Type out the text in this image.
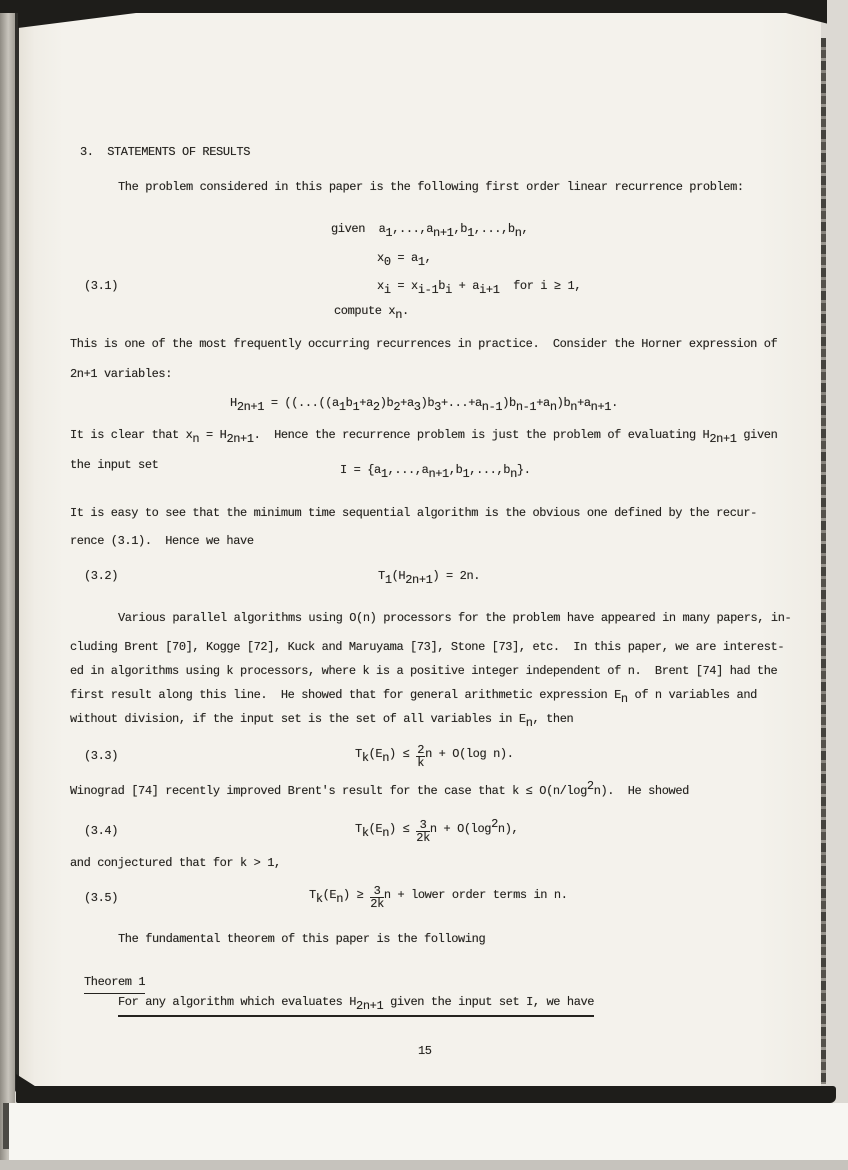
3.  STATEMENTS OF RESULTS
The problem considered in this paper is the following first order linear recurrence problem:
given  a1,...,an+1,b1,...,bn,
x0 = a1,
(3.1)	xi = xi-1bi + ai+1  for i ≥ 1,
compute xn.
This is one of the most frequently occurring recurrences in practice.  Consider the Horner expression of
2n+1 variables:
H2n+1 = ((...((a1b1+a2)b2+a3)b3+...+an-1)bn-1+an)bn+an+1.
It is clear that xn = H2n+1.  Hence the recurrence problem is just the problem of evaluating H2n+1 given
the input set	I = {a1,...,an+1,b1,...,bn}.
It is easy to see that the minimum time sequential algorithm is the obvious one defined by the recur-
rence (3.1).  Hence we have
(3.2)	T1(H2n+1) = 2n.
Various parallel algorithms using O(n) processors for the problem have appeared in many papers, in-
cluding Brent [70], Kogge [72], Kuck and Maruyama [73], Stone [73], etc.  In this paper, we are interest-
ed in algorithms using k processors, where k is a positive integer independent of n.  Brent [74] had the
first result along this line.  He showed that for general arithmetic expression En of n variables and
without division, if the input set is the set of all variables in En, then
(3.3)	$Tk(En) \le \frac{2}{k}$ n + O(log n).
Winograd [74] recently improved Brent's result for the case that k ≤ O(n/log2n).  He showed
(3.4)	$Tk(En) \le \frac{3}{2k}$ n + O(log2n),
and conjectured that for k > 1,
(3.5)	$Tk(En) \ge \frac{3}{2k}$ n + lower order terms in n.
The fundamental theorem of this paper is the following
Theorem 1
For any algorithm which evaluates H2n+1 given the input set I, we have
15
